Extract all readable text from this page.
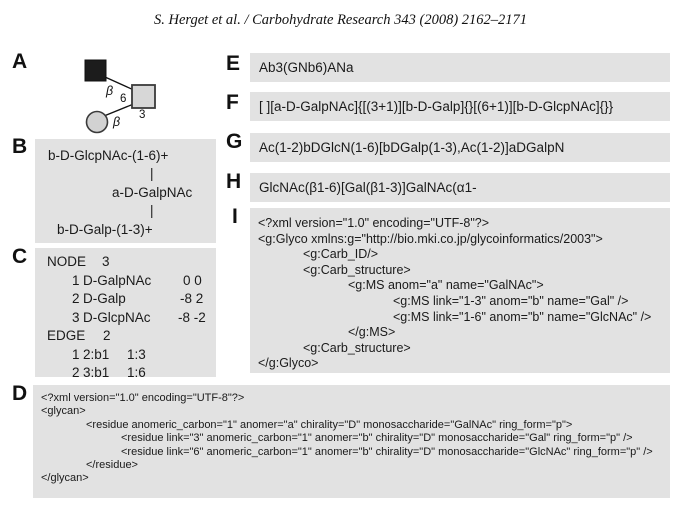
S. Herget et al. / Carbohydrate Research 343 (2008) 2162–2171
A
β
6
β 3
B	b-D-GlcpNAc-(1-6)+
|
a-D-GalpNAc
|
b-D-Galp-(1-3)+
C NODE 3
1 D-GalpNAc 0 0
2 D-Galp	-8 2
3 D-GlcpNAc -8 -2
EDGE 2
1 2:b1 1:3
2 3:b1 1:6
D <?xml version="1.0" encoding="UTF-8"?>
<glycan>
<residue anomeric_carbon="1" anomer="a" chirality="D" monosaccharide="GalNAc" ring_form="p">
<residue link="3" anomeric_carbon="1" anomer="b" chirality="D" monosaccharide="Gal" ring_form="p" />
<residue link="6" anomeric_carbon="1" anomer="b" chirality="D" monosaccharide="GlcNAc" ring_form="p" />
</residue>
</glycan>
E	Ab3(GNb6)ANa
F	[ ][a-D-GalpNAc]{[(3+1)][b-D-Galp]{}[(6+1)][b-D-GlcpNAc]{}}
G	Ac(1-2)bDGlcN(1-6)[bDGalp(1-3),Ac(1-2)]aDGalpN
H	GlcNAc(β1-6)[Gal(β1-3)]GalNAc(α1-
I <?xml version="1.0" encoding="UTF-8"?>
<g:Glyco xmlns:g="http://bio.mki.co.jp/glycoinformatics/2003">
<g:Carb_ID/>
<g:Carb_structure>
<g:MS anom="a" name="GalNAc">
<g:MS link="1-3" anom="b" name="Gal" />
<g:MS link="1-6" anom="b" name="GlcNAc" />
</g:MS>
<g:Carb_structure>
</g:Glyco>
